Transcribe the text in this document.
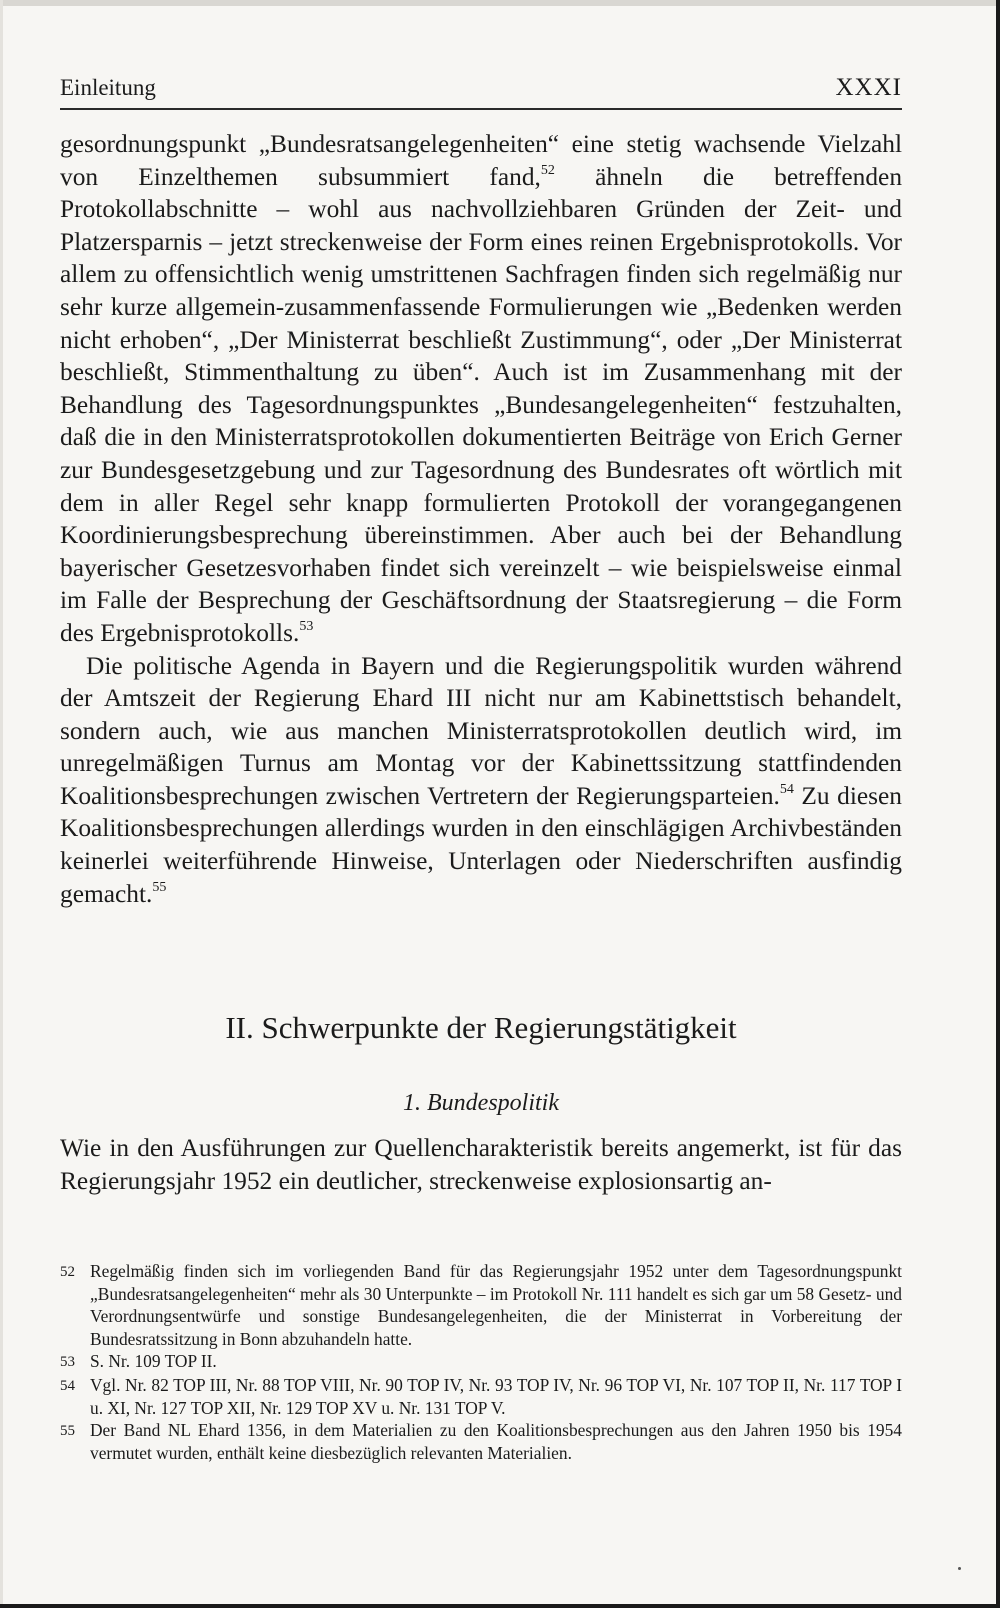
Einleitung	XXXI

gesordnungspunkt „Bundesratsangelegenheiten“ eine stetig wachsende Vielzahl von Einzelthemen subsummiert fand,$^{52}$ ähneln die betreffenden Protokollabschnitte – wohl aus nachvollziehbaren Gründen der Zeit- und Platzersparnis – jetzt streckenweise der Form eines reinen Ergebnisprotokolls. Vor allem zu offensichtlich wenig umstrittenen Sachfragen finden sich regelmäßig nur sehr kurze allgemein-zusammenfassende Formulierungen wie „Bedenken werden nicht erhoben“, „Der Ministerrat beschließt Zustimmung“, oder „Der Ministerrat beschließt, Stimmenthaltung zu üben“. Auch ist im Zusammenhang mit der Behandlung des Tagesordnungspunktes „Bundesangelegenheiten“ festzuhalten, daß die in den Ministerratsprotokollen dokumentierten Beiträge von Erich Gerner zur Bundesgesetzgebung und zur Tagesordnung des Bundesrates oft wörtlich mit dem in aller Regel sehr knapp formulierten Protokoll der vorangegangenen Koordinierungsbesprechung übereinstimmen. Aber auch bei der Behandlung bayerischer Gesetzesvorhaben findet sich vereinzelt – wie beispielsweise einmal im Falle der Besprechung der Geschäftsordnung der Staatsregierung – die Form des Ergebnisprotokolls.$^{53}$

Die politische Agenda in Bayern und die Regierungspolitik wurden während der Amtszeit der Regierung Ehard III nicht nur am Kabinettstisch behandelt, sondern auch, wie aus manchen Ministerratsprotokollen deutlich wird, im unregelmäßigen Turnus am Montag vor der Kabinettssitzung stattfindenden Koalitionsbesprechungen zwischen Vertretern der Regierungsparteien.$^{54}$ Zu diesen Koalitionsbesprechungen allerdings wurden in den einschlägigen Archivbeständen keinerlei weiterführende Hinweise, Unterlagen oder Niederschriften ausfindig gemacht.$^{55}$

II. Schwerpunkte der Regierungstätigkeit
1. Bundespolitik
Wie in den Ausführungen zur Quellencharakteristik bereits angemerkt, ist für das Regierungsjahr 1952 ein deutlicher, streckenweise explosionsartig an-
52 Regelmäßig finden sich im vorliegenden Band für das Regierungsjahr 1952 unter dem Tagesordnungspunkt „Bundesratsangelegenheiten“ mehr als 30 Unterpunkte – im Protokoll Nr. 111 handelt es sich gar um 58 Gesetz- und Verordnungsentwürfe und sonstige Bundesangelegenheiten, die der Ministerrat in Vorbereitung der Bundesratssitzung in Bonn abzuhandeln hatte.
53 S. Nr. 109 TOP II.
54 Vgl. Nr. 82 TOP III, Nr. 88 TOP VIII, Nr. 90 TOP IV, Nr. 93 TOP IV, Nr. 96 TOP VI, Nr. 107 TOP II, Nr. 117 TOP I u. XI, Nr. 127 TOP XII, Nr. 129 TOP XV u. Nr. 131 TOP V.
55 Der Band NL Ehard 1356, in dem Materialien zu den Koalitionsbesprechungen aus den Jahren 1950 bis 1954 vermutet wurden, enthält keine diesbezüglich relevanten Materialien.
